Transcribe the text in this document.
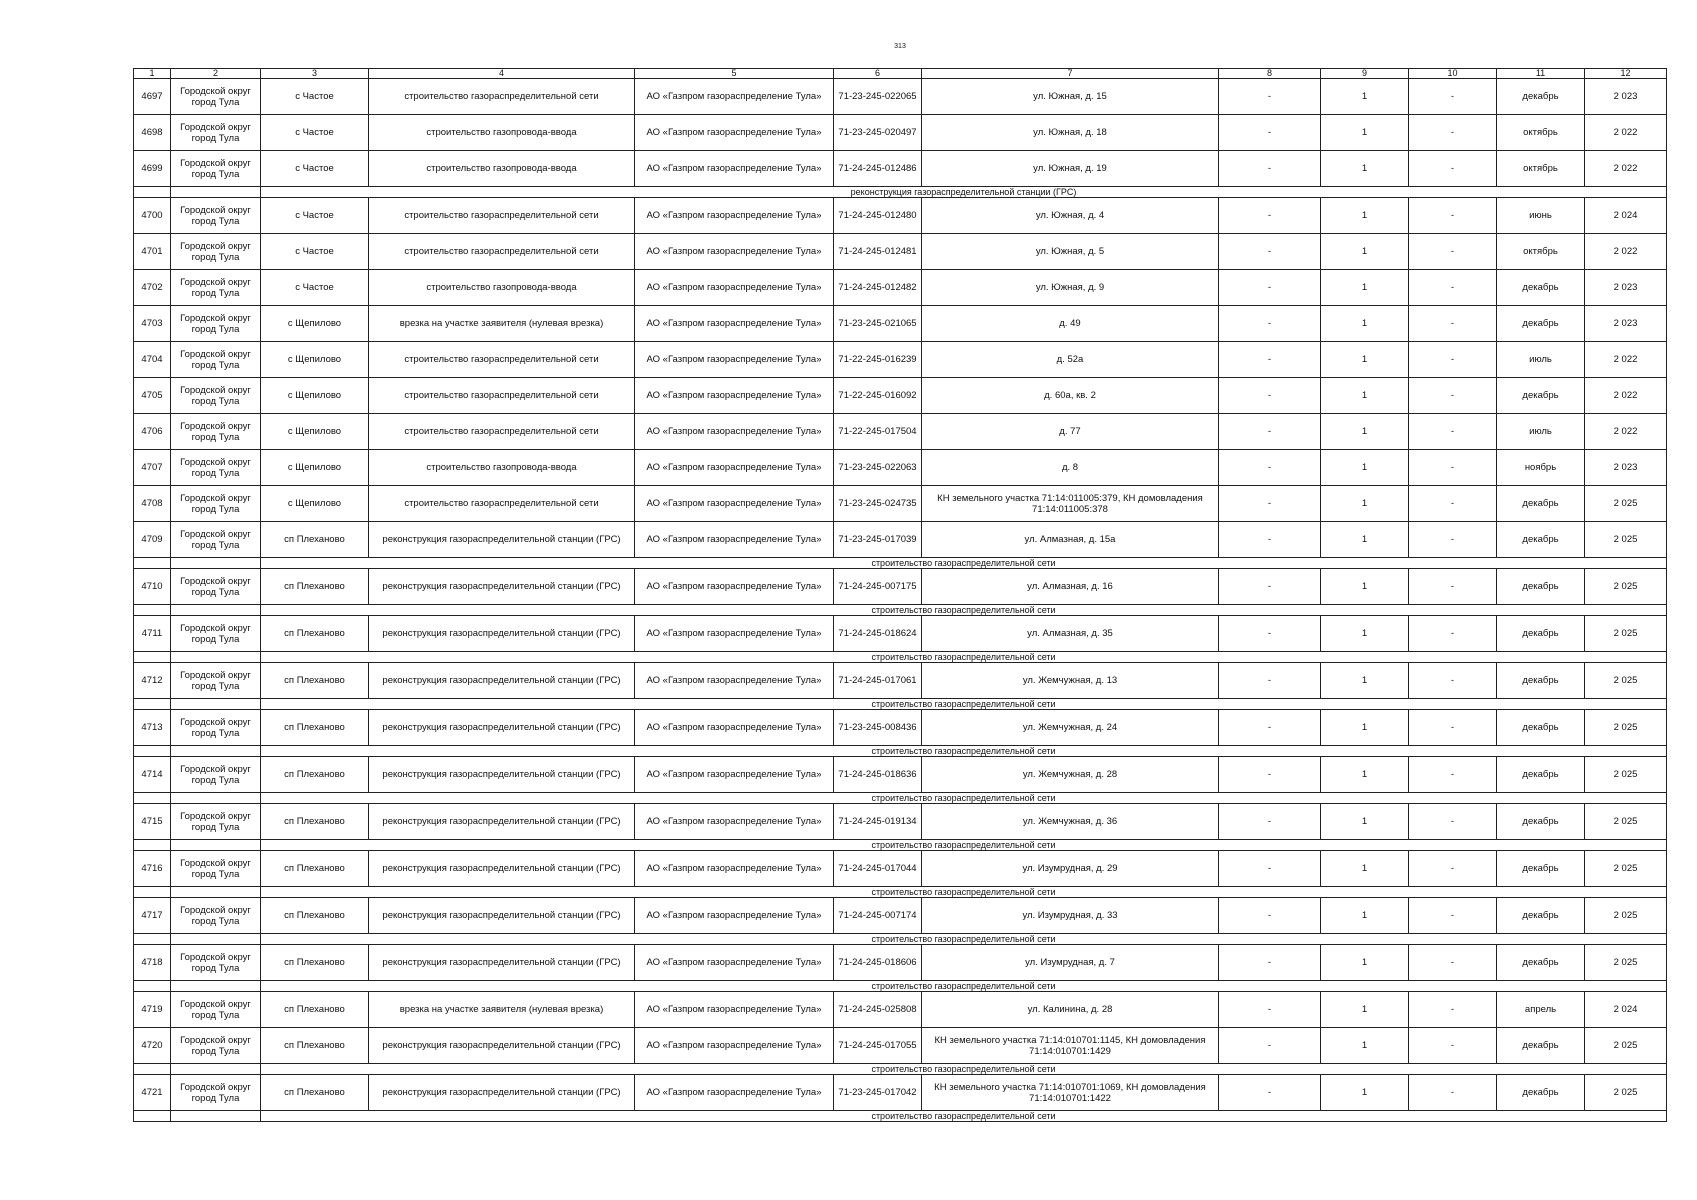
313
1	2	3	4	5	6	7	8	9	10	11	12
4697	Городской округ город Тула	с Частое	строительство газораспределительной сети	АО «Газпром газораспределение Тула»	71-23-245-022065	ул. Южная, д. 15	-	1	-	декабрь	2 023
4698	Городской округ город Тула	с Частое	строительство газопровода-ввода	АО «Газпром газораспределение Тула»	71-23-245-020497	ул. Южная, д. 18	-	1	-	октябрь	2 022
4699	Городской округ город Тула	с Частое	строительство газопровода-ввода	АО «Газпром газораспределение Тула»	71-24-245-012486	ул. Южная, д. 19	-	1	-	октябрь	2 022
		реконструкция газораспределительной станции (ГРС)									
4700	Городской округ город Тула	с Частое	строительство газораспределительной сети	АО «Газпром газораспределение Тула»	71-24-245-012480	ул. Южная, д. 4	-	1	-	июнь	2 024
4701	Городской округ город Тула	с Частое	строительство газораспределительной сети	АО «Газпром газораспределение Тула»	71-24-245-012481	ул. Южная, д. 5	-	1	-	октябрь	2 022
4702	Городской округ город Тула	с Частое	строительство газопровода-ввода	АО «Газпром газораспределение Тула»	71-24-245-012482	ул. Южная, д. 9	-	1	-	декабрь	2 023
4703	Городской округ город Тула	с Щепилово	врезка на участке заявителя (нулевая врезка)	АО «Газпром газораспределение Тула»	71-23-245-021065	д. 49	-	1	-	декабрь	2 023
4704	Городской округ город Тула	с Щепилово	строительство газораспределительной сети	АО «Газпром газораспределение Тула»	71-22-245-016239	д. 52а	-	1	-	июль	2 022
4705	Городской округ город Тула	с Щепилово	строительство газораспределительной сети	АО «Газпром газораспределение Тула»	71-22-245-016092	д. 60а, кв. 2	-	1	-	декабрь	2 022
4706	Городской округ город Тула	с Щепилово	строительство газораспределительной сети	АО «Газпром газораспределение Тула»	71-22-245-017504	д. 77	-	1	-	июль	2 022
4707	Городской округ город Тула	с Щепилово	строительство газопровода-ввода	АО «Газпром газораспределение Тула»	71-23-245-022063	д. 8	-	1	-	ноябрь	2 023
4708	Городской округ город Тула	с Щепилово	строительство газораспределительной сети	АО «Газпром газораспределение Тула»	71-23-245-024735	КН земельного участка 71:14:011005:379, КН домовладения 71:14:011005:378	-	1	-	декабрь	2 025
4709	Городской округ город Тула	сп Плеханово	реконструкция газораспределительной станции (ГРС)	АО «Газпром газораспределение Тула»	71-23-245-017039	ул. Алмазная, д. 15а	-	1	-	декабрь	2 025
		строительство газораспределительной сети									
4710	Городской округ город Тула	сп Плеханово	реконструкция газораспределительной станции (ГРС)	АО «Газпром газораспределение Тула»	71-24-245-007175	ул. Алмазная, д. 16	-	1	-	декабрь	2 025
		строительство газораспределительной сети									
4711	Городской округ город Тула	сп Плеханово	реконструкция газораспределительной станции (ГРС)	АО «Газпром газораспределение Тула»	71-24-245-018624	ул. Алмазная, д. 35	-	1	-	декабрь	2 025
		строительство газораспределительной сети									
4712	Городской округ город Тула	сп Плеханово	реконструкция газораспределительной станции (ГРС)	АО «Газпром газораспределение Тула»	71-24-245-017061	ул. Жемчужная, д. 13	-	1	-	декабрь	2 025
		строительство газораспределительной сети									
4713	Городской округ город Тула	сп Плеханово	реконструкция газораспределительной станции (ГРС)	АО «Газпром газораспределение Тула»	71-23-245-008436	ул. Жемчужная, д. 24	-	1	-	декабрь	2 025
		строительство газораспределительной сети									
4714	Городской округ город Тула	сп Плеханово	реконструкция газораспределительной станции (ГРС)	АО «Газпром газораспределение Тула»	71-24-245-018636	ул. Жемчужная, д. 28	-	1	-	декабрь	2 025
		строительство газораспределительной сети									
4715	Городской округ город Тула	сп Плеханово	реконструкция газораспределительной станции (ГРС)	АО «Газпром газораспределение Тула»	71-24-245-019134	ул. Жемчужная, д. 36	-	1	-	декабрь	2 025
		строительство газораспределительной сети									
4716	Городской округ город Тула	сп Плеханово	реконструкция газораспределительной станции (ГРС)	АО «Газпром газораспределение Тула»	71-24-245-017044	ул. Изумрудная, д. 29	-	1	-	декабрь	2 025
		строительство газораспределительной сети									
4717	Городской округ город Тула	сп Плеханово	реконструкция газораспределительной станции (ГРС)	АО «Газпром газораспределение Тула»	71-24-245-007174	ул. Изумрудная, д. 33	-	1	-	декабрь	2 025
		строительство газораспределительной сети									
4718	Городской округ город Тула	сп Плеханово	реконструкция газораспределительной станции (ГРС)	АО «Газпром газораспределение Тула»	71-24-245-018606	ул. Изумрудная, д. 7	-	1	-	декабрь	2 025
		строительство газораспределительной сети									
4719	Городской округ город Тула	сп Плеханово	врезка на участке заявителя (нулевая врезка)	АО «Газпром газораспределение Тула»	71-24-245-025808	ул. Калинина, д. 28	-	1	-	апрель	2 024
4720	Городской округ город Тула	сп Плеханово	реконструкция газораспределительной станции (ГРС)	АО «Газпром газораспределение Тула»	71-24-245-017055	КН земельного участка 71:14:010701:1145, КН домовладения 71:14:010701:1429	-	1	-	декабрь	2 025
		строительство газораспределительной сети									
4721	Городской округ город Тула	сп Плеханово	реконструкция газораспределительной станции (ГРС)	АО «Газпром газораспределение Тула»	71-23-245-017042	КН земельного участка 71:14:010701:1069, КН домовладения 71:14:010701:1422	-	1	-	декабрь	2 025
		строительство газораспределительной сети									
